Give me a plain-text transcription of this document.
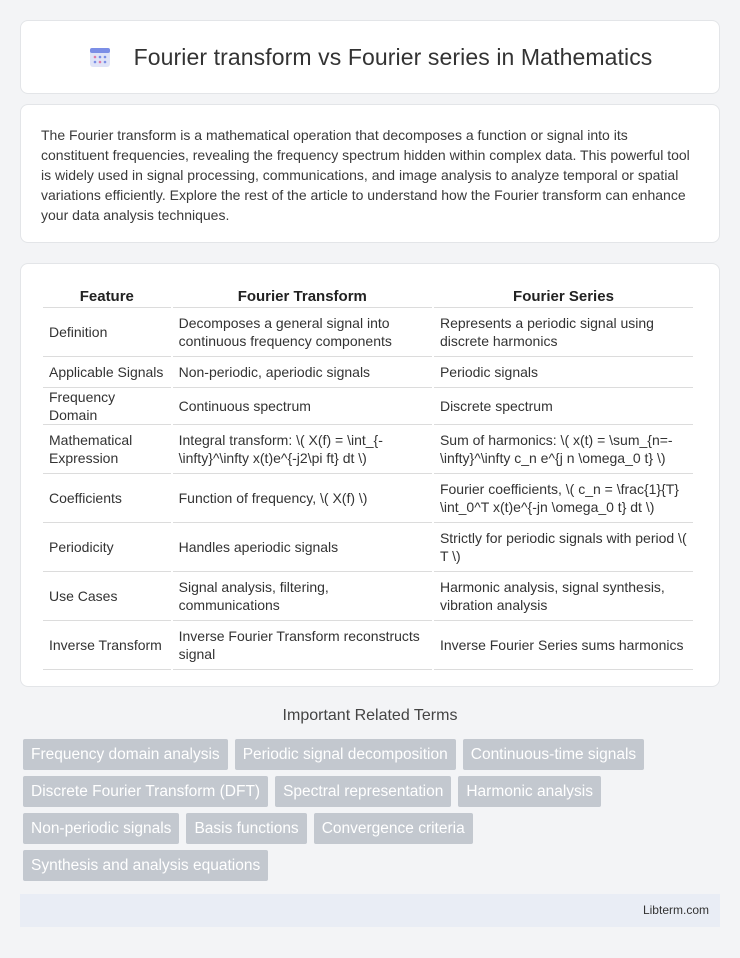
Fourier transform vs Fourier series in Mathematics

The Fourier transform is a mathematical operation that decomposes a function or signal into its constituent frequencies, revealing the frequency spectrum hidden within complex data. This powerful tool is widely used in signal processing, communications, and image analysis to analyze temporal or spatial variations efficiently. Explore the rest of the article to understand how the Fourier transform can enhance your data analysis techniques.

Feature	Fourier Transform	Fourier Series
Definition	Decomposes a general signal into continuous frequency components	Represents a periodic signal using discrete harmonics
Applicable Signals	Non-periodic, aperiodic signals	Periodic signals
Frequency Domain	Continuous spectrum	Discrete spectrum
Mathematical Expression	Integral transform: \( X(f) = \int_{-\infty}^\infty x(t)e^{-j2\pi ft} dt \)	Sum of harmonics: \( x(t) = \sum_{n=-\infty}^\infty c_n e^{j n \omega_0 t} \)
Coefficients	Function of frequency, \( X(f) \)	Fourier coefficients, \( c_n = \frac{1}{T} \int_0^T x(t)e^{-jn \omega_0 t} dt \)
Periodicity	Handles aperiodic signals	Strictly for periodic signals with period \( T \)
Use Cases	Signal analysis, filtering, communications	Harmonic analysis, signal synthesis, vibration analysis
Inverse Transform	Inverse Fourier Transform reconstructs signal	Inverse Fourier Series sums harmonics
Important Related Terms
Frequency domain analysis	Periodic signal decomposition	Continuous-time signals
Discrete Fourier Transform (DFT)	Spectral representation	Harmonic analysis
Non-periodic signals	Basis functions	Convergence criteria
Synthesis and analysis equations
Libterm.com
